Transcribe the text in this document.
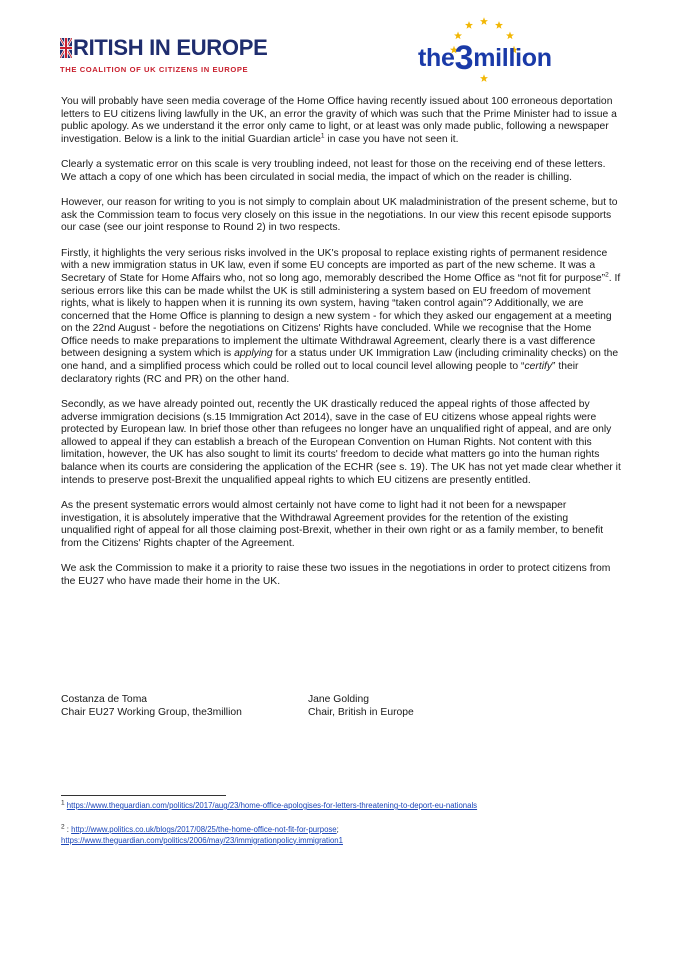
RITISH IN EUROPE
THE COALITION OF UK CITIZENS IN EUROPE	the3million

You will probably have seen media coverage of the Home Office having recently issued about 100 erroneous deportation letters to EU citizens living lawfully in the UK, an error the gravity of which was such that the Prime Minister had to issue a public apology. As we understand it the error only came to light, or at least was only made public, following a newspaper investigation. Below is a link to the initial Guardian article$^1$ in case you have not seen it.

Clearly a systematic error on this scale is very troubling indeed, not least for those on the receiving end of these letters. We attach a copy of one which has been circulated in social media, the impact of which on the reader is chilling.

However, our reason for writing to you is not simply to complain about UK maladministration of the present scheme, but to ask the Commission team to focus very closely on this issue in the negotiations. In our view this recent episode supports our case (see our joint response to Round 2) in two respects.

Firstly, it highlights the very serious risks involved in the UK's proposal to replace existing rights of permanent residence with a new immigration status in UK law, even if some EU concepts are imported as part of the new scheme. It was a Secretary of State for Home Affairs who, not so long ago, memorably described the Home Office as “not fit for purpose”$^2$. If serious errors like this can be made whilst the UK is still administering a system based on EU freedom of movement rights, what is likely to happen when it is running its own system, having “taken control again”? Additionally, we are concerned that the Home Office is planning to design a new system - for which they asked our engagement at a meeting on the 22nd August - before the negotiations on Citizens' Rights have concluded. While we recognise that the Home Office needs to make preparations to implement the ultimate Withdrawal Agreement, clearly there is a vast difference between designing a system which is applying for a status under UK Immigration Law (including criminality checks) on the one hand, and a simplified process which could be rolled out to local council level allowing people to “certify” their declaratory rights (RC and PR) on the other hand.

Secondly, as we have already pointed out, recently the UK drastically reduced the appeal rights of those affected by adverse immigration decisions (s.15 Immigration Act 2014), save in the case of EU citizens whose appeal rights were protected by European law. In brief those other than refugees no longer have an unqualified right of appeal, and are only allowed to appeal if they can establish a breach of the European Convention on Human Rights. Not content with this limitation, however, the UK has also sought to limit its courts' freedom to decide what matters go into the human rights balance when its courts are considering the application of the ECHR (see s. 19). The UK has not yet made clear whether it intends to preserve post-Brexit the unqualified appeal rights to which EU citizens are presently entitled.

As the present systematic errors would almost certainly not have come to light had it not been for a newspaper investigation, it is absolutely imperative that the Withdrawal Agreement provides for the retention of the existing unqualified right of appeal for all those claiming post-Brexit, whether in their own right or as a family member, to benefit from the Citizens' Rights chapter of the Agreement.

We ask the Commission to make it a priority to raise these two issues in the negotiations in order to protect citizens from the EU27 who have made their home in the UK.

Costanza de Toma
Chair EU27 Working Group, the3million
Jane Golding
Chair, British in Europe
$^1$ https://www.theguardian.com/politics/2017/aug/23/home-office-apologises-for-letters-threatening-to-deport-eu-nationals
$^2$ : http://www.politics.co.uk/blogs/2017/08/25/the-home-office-not-fit-for-purpose; https://www.theguardian.com/politics/2006/may/23/immigrationpolicy.immigration1
